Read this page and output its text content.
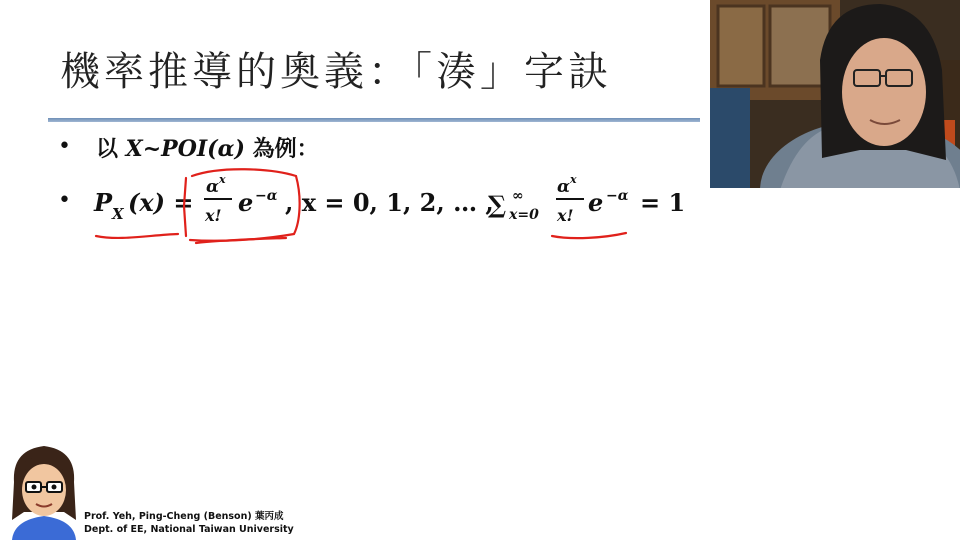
機率推導的奧義：「湊」字訣
• 以 X~POI(α) 為例：
• P X (x) =
α x
x! e −α , x = 0, 1, 2, … ,
∑ ∞
x=0
α x
x! e −α = 1
Prof. Yeh, Ping-Cheng (Benson) 葉丙成
Dept. of EE, National Taiwan University
